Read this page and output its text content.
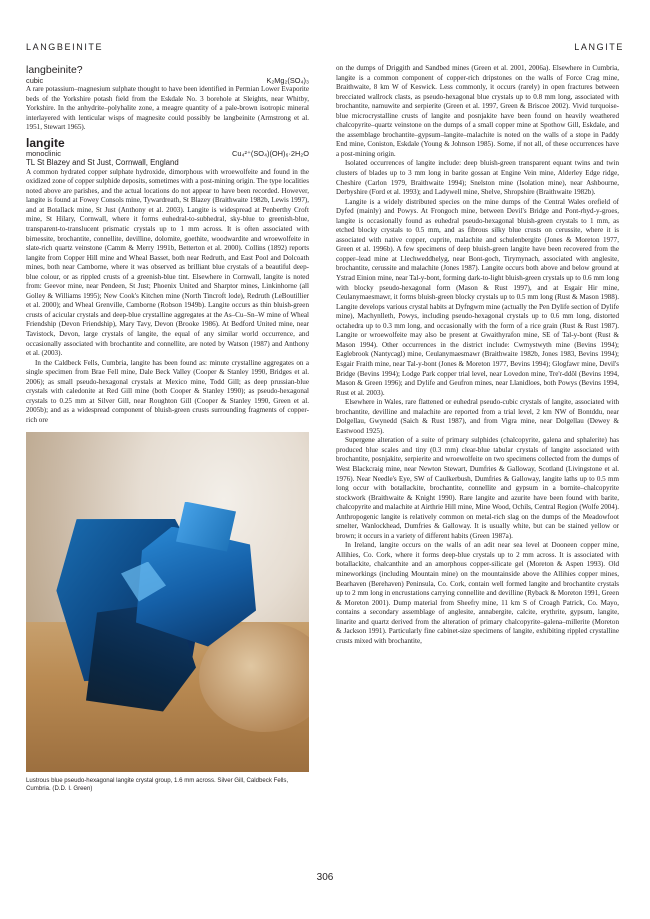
LANGBEINITE	LANGITE
langbeinite?
cubic	K₂Mg₂(SO₄)₃

A rare potassium–magnesium sulphate thought to have been identified in Permian Lower Evaporite beds of the Yorkshire potash field from the Eskdale No. 3 borehole at Sleights, near Whitby, Yorkshire. In the anhydrite–polyhalite zone, a meagre quantity of a pale-brown isotropic mineral interlayered with lenticular wisps of magnesite could possibly be langbeinite (Armstrong et al. 1951, Stewart 1965).

langite
monoclinic	Cu₄²⁺(SO₄)(OH)₆·2H₂O
TL St Blazey and St Just, Cornwall, England

A common hydrated copper sulphate hydroxide, dimorphous with wroewolfeite and found in the oxidized zone of copper sulphide deposits, sometimes with a post-mining origin. The type localities noted above are parishes, and the actual locations do not appear to have been recorded. However, langite is found at Fowey Consols mine, Tywardreath, St Blazey (Braithwaite 1982b, Lewis 1997), and at Botallack mine, St Just (Anthony et al. 2003). Langite is widespread at Penberthy Croft mine, St Hilary, Cornwall, where it forms euhedral-to-subhedral, sky-blue to greenish-blue, transparent-to-translucent prismatic crystals up to 1 mm across. It is often associated with birnessite, brochantite, connellite, devilline, dolomite, goethite, woodwardite and wroewolfeite in slate-rich quartz veinstone (Camm & Merry 1991b, Betterton et al. 2000). Collins (1892) reports langite from Copper Hill mine and Wheal Basset, both near Redruth, and East Pool and Dolcoath mines, both near Camborne, where it was observed as brilliant blue crystals of a beautiful deep-blue colour, or as rippled crusts of a greenish-blue tint. Elsewhere in Cornwall, langite is noted from: Geevor mine, near Pendeen, St Just; Phoenix United and Sharptor mines, Linkinhorne (all Golley & Williams 1995); New Cook's Kitchen mine (North Tincroft lode), Redruth (LeBoutillier et al. 2000); and Wheal Grenville, Camborne (Robson 1949b). Langite occurs as thin bluish-green crusts of acicular crystals and deep-blue crystalline aggregates at the As–Cu–Sn–W mine of Wheal Friendship (Devon Friendship), Mary Tavy, Devon (Brooke 1986). At Bedford United mine, near Tavistock, Devon, large crystals of langite, the equal of any similar world occurrence, and occasionally associated with brochantite and connellite, are noted by Watson (1987) and Anthony et al. (2003).

In the Caldbeck Fells, Cumbria, langite has been found as: minute crystalline aggregates on a single specimen from Brae Fell mine, Dale Beck Valley (Cooper & Stanley 1990, Bridges et al. 2006); as small pseudo-hexagonal crystals at Mexico mine, Todd Gill; as deep prussian-blue crystals with caledonite at Red Gill mine (both Cooper & Stanley 1990); as pseudo-hexagonal crystals to 0.25 mm at Silver Gill, near Roughton Gill (Cooper & Stanley 1990, Green et al. 2005b); and as a widespread component of bluish-green crusts surrounding fragments of copper-rich ore

Lustrous blue pseudo-hexagonal langite crystal group, 1.6 mm across. Silver Gill, Caldbeck Fells, Cumbria. (D.D. I. Green)

on the dumps of Driggith and Sandbed mines (Green et al. 2001, 2006a). Elsewhere in Cumbria, langite is a common component of copper-rich dripstones on the walls of Force Crag mine, Braithwaite, 8 km W of Keswick. Less commonly, it occurs (rarely) in open fractures between brecciated wallrock clasts, as pseudo-hexagonal blue crystals up to 0.8 mm long, associated with brochantite, namuwite and serpierite (Green et al. 1997, Green & Briscoe 2002). Vivid turquoise-blue microcrystalline crusts of langite and posnjakite have been found on heavily weathered chalcopyrite–quartz veinstone on the dumps of a small copper mine at Spothow Gill, Eskdale, and the assemblage brochantite–gypsum–langite–malachite is noted on the walls of a stope in Paddy End mine, Coniston, Eskdale (Young & Johnson 1985). Some, if not all, of these occurrences have a post-mining origin.

Isolated occurrences of langite include: deep bluish-green transparent equant twins and twin clusters of blades up to 3 mm long in barite gossan at Engine Vein mine, Alderley Edge ridge, Cheshire (Carlon 1979, Braithwaite 1994); Snelston mine (Isolation mine), near Ashbourne, Derbyshire (Ford et al. 1993); and Ladywell mine, Shelve, Shropshire (Braithwaite 1982b).

Langite is a widely distributed species on the mine dumps of the Central Wales orefield of Dyfed (mainly) and Powys. At Frongoch mine, between Devil's Bridge and Pont-rhyd-y-groes, langite is occasionally found as euhedral pseudo-hexagonal bluish-green crystals to 1 mm, as etched blocky crystals to 0.5 mm, and as fibrous silky blue crusts on cerussite, where it is associated with native copper, cuprite, malachite and schulenbergite (Jones & Moreton 1977, Green et al. 1996b). A few specimens of deep bluish-green langite have been recovered from the copper–lead mine at Llechweddhelyg, near Bont-goch, Tirymynach, associated with anglesite, brochantite, cerussite and malachite (Jones 1987). Langite occurs both above and below ground at Ystrad Einion mine, near Tal-y-bont, forming dark-to-light bluish-green crystals up to 0.6 mm long with blocky pseudo-hexagonal form (Mason & Rust 1997), and at Esgair Hir mine, Ceulanymaesmawr, it forms bluish-green blocky crystals up to 0.5 mm long (Rust & Mason 1988). Langite develops various crystal habits at Dyfngwm mine (actually the Pen Dylife section of Dylife mine), Machynlleth, Powys, including pseudo-hexagonal crystals up to 0.6 mm long, distorted octahedra up to 0.3 mm long, and occasionally with the form of a rice grain (Rust & Rust 1987). Langite or wroewolfeite may also be present at Gwaithyrafon mine, SE of Tal-y-bont (Rust & Mason 1994). Other occurrences in the district include: Cwmystwyth mine (Bevins 1994); Eaglebrook (Nantycagl) mine, Ceulanymaesmawr (Braithwaite 1982b, Jones 1983, Bevins 1994); Esgair Fraith mine, near Tal-y-bont (Jones & Moreton 1977, Bevins 1994); Glogfawr mine, Devil's Bridge (Bevins 1994); Lodge Park copper trial level, near Lovedon mine, Tre'r-ddôl (Bevins 1994, Mason & Green 1996); and Dylife and Geufron mines, near Llanidloes, both Powys (Bevins 1994, Rust et al. 2003).

Elsewhere in Wales, rare flattened or euhedral pseudo-cubic crystals of langite, associated with brochantite, devilline and malachite are reported from a trial level, 2 km NW of Bontddu, near Dolgellau, Gwynedd (Saich & Rust 1987), and from Vigra mine, near Dolgellau (Dewey & Eastwood 1925).

Supergene alteration of a suite of primary sulphides (chalcopyrite, galena and sphalerite) has produced blue scales and tiny (0.3 mm) clear-blue tabular crystals of langite associated with brochantite, posnjakite, serpierite and wroewolfeite on two specimens collected from the dumps of West Blackcraig mine, near Newton Stewart, Dumfries & Galloway, Scotland (Livingstone et al. 1976). Near Needle's Eye, SW of Caulkerbush, Dumfries & Galloway, langite laths up to 0.5 mm long occur with botallackite, brochantite, connellite and gypsum in a bornite–chalcopyrite stockwork (Braithwaite & Knight 1990). Rare langite and azurite have been found with barite, chalcopyrite and malachite at Airthrie Hill mine, Mine Wood, Ochils, Central Region (Wolfe 2004). Anthropogenic langite is relatively common on metal-rich slag on the dumps of the Meadowfoot smelter, Wanlockhead, Dumfries & Galloway. It is usually white, but can be stained yellow or brown; it occurs in a variety of different habits (Green 1987a).

In Ireland, langite occurs on the walls of an adit near sea level at Dooneen copper mine, Allihies, Co. Cork, where it forms deep-blue crystals up to 2 mm across. It is associated with botallackite, chalcanthite and an amorphous copper-silicate gel (Moreton & Aspen 1993). Old mineworkings (including Mountain mine) on the mountainside above the Allihies copper mines, Bearhaven (Berehaven) Peninsula, Co. Cork, contain well formed langite and brochantite crystals up to 2 mm long in encrustations carrying connellite and devilline (Ryback & Moreton 1991, Green & Moreton 2001). Dump material from Sheefry mine, 11 km S of Croagh Patrick, Co. Mayo, contains a secondary assemblage of anglesite, annabergite, calcite, erythrite, gypsum, langite, linarite and quartz derived from the alteration of primary chalcopyrite–galena–millerite (Moreton & Jackson 1991). Particularly fine cabinet-size specimens of langite, exhibiting rippled crystalline crusts mixed with brochantite,

306
